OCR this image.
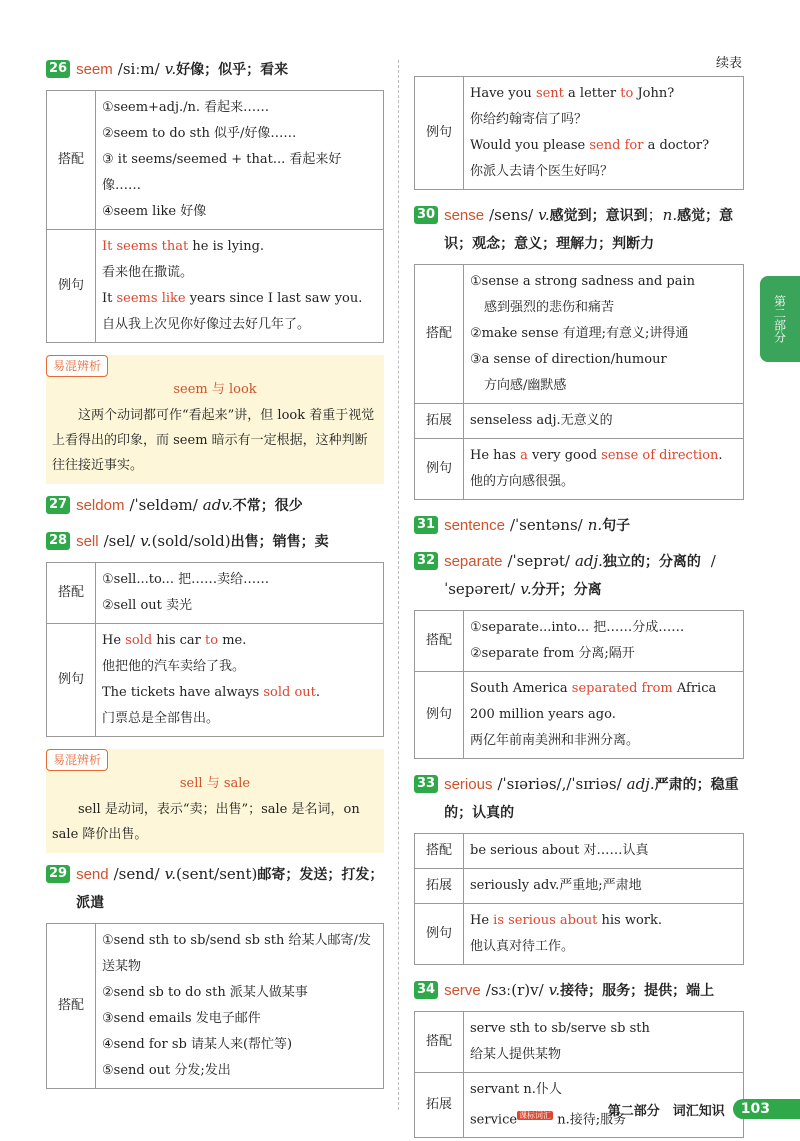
续表
第二部分
26 seem /siːm/ v.好像；似乎；看来
搭配	①seem+adj./n. 看起来……
②seem to do sth 似乎/好像……
③ it seems/seemed + that... 看起来好像……
④seem like 好像

例句	It seems that he is lying.
看来他在撒谎。
It seems like years since I last saw you.
自从我上次见你好像过去好几年了。
易混辨析
seem 与 look
这两个动词都可作“看起来”讲，但 look 着重于视觉上看得出的印象，而 seem 暗示有一定根据，这种判断往往接近事实。
27 seldom /ˈseldəm/ adv.不常；很少
28 sell /sel/ v.(sold/sold)出售；销售；卖
搭配	①sell...to... 把……卖给……
②sell out 卖光

例句	He sold his car to me.
他把他的汽车卖给了我。
The tickets have always sold out.
门票总是全部售出。
易混辨析
sell 与 sale
sell 是动词，表示“卖；出售”；sale 是名词，on sale 降价出售。
29 send /send/ v.(sent/sent)邮寄；发送；打发；派遣
搭配	
①send sth to sb/send sb sth 给某人邮寄/发送某物
②send sb to do sth 派某人做某事
③send emails 发电子邮件
④send for sb 请某人来(帮忙等)
⑤send out 分发;发出
例句	
Have you sent a letter to John?
你给约翰寄信了吗？
Would you please send for a doctor?
你派人去请个医生好吗？
30 sense /sens/ v.感觉到；意识到；n.感觉；意识；观念；意义；理解力；判断力
搭配	①sense a strong sadness and pain
感到强烈的悲伤和痛苦
②make sense 有道理;有意义;讲得通
③a sense of direction/humour
方向感/幽默感

拓展	senseless adj.无意义的
例句	He has a very good sense of direction.
他的方向感很强。
31 sentence /ˈsentəns/ n.句子
32 separate /ˈseprət/ adj.独立的；分离的 /ˈsepəreɪt/ v.分开；分离
搭配	①separate...into... 把……分成……
②separate from 分离;隔开

例句	South America separated from Africa 200 million years ago.
两亿年前南美洲和非洲分离。
33 serious /ˈsɪəriəs/,/ˈsɪriəs/ adj.严肃的；稳重的；认真的
搭配	be serious about 对……认真
拓展	seriously adv.严重地;严肃地
例句	He is serious about his work.
他认真对待工作。
34 serve /sɜː(r)v/ v.接待；服务；提供；端上
搭配	serve sth to sb/serve sb sth
给某人提供某物

拓展	servant n.仆人
service $^{课标词汇}$ n.接待;服务
第二部分　词汇知识	103
